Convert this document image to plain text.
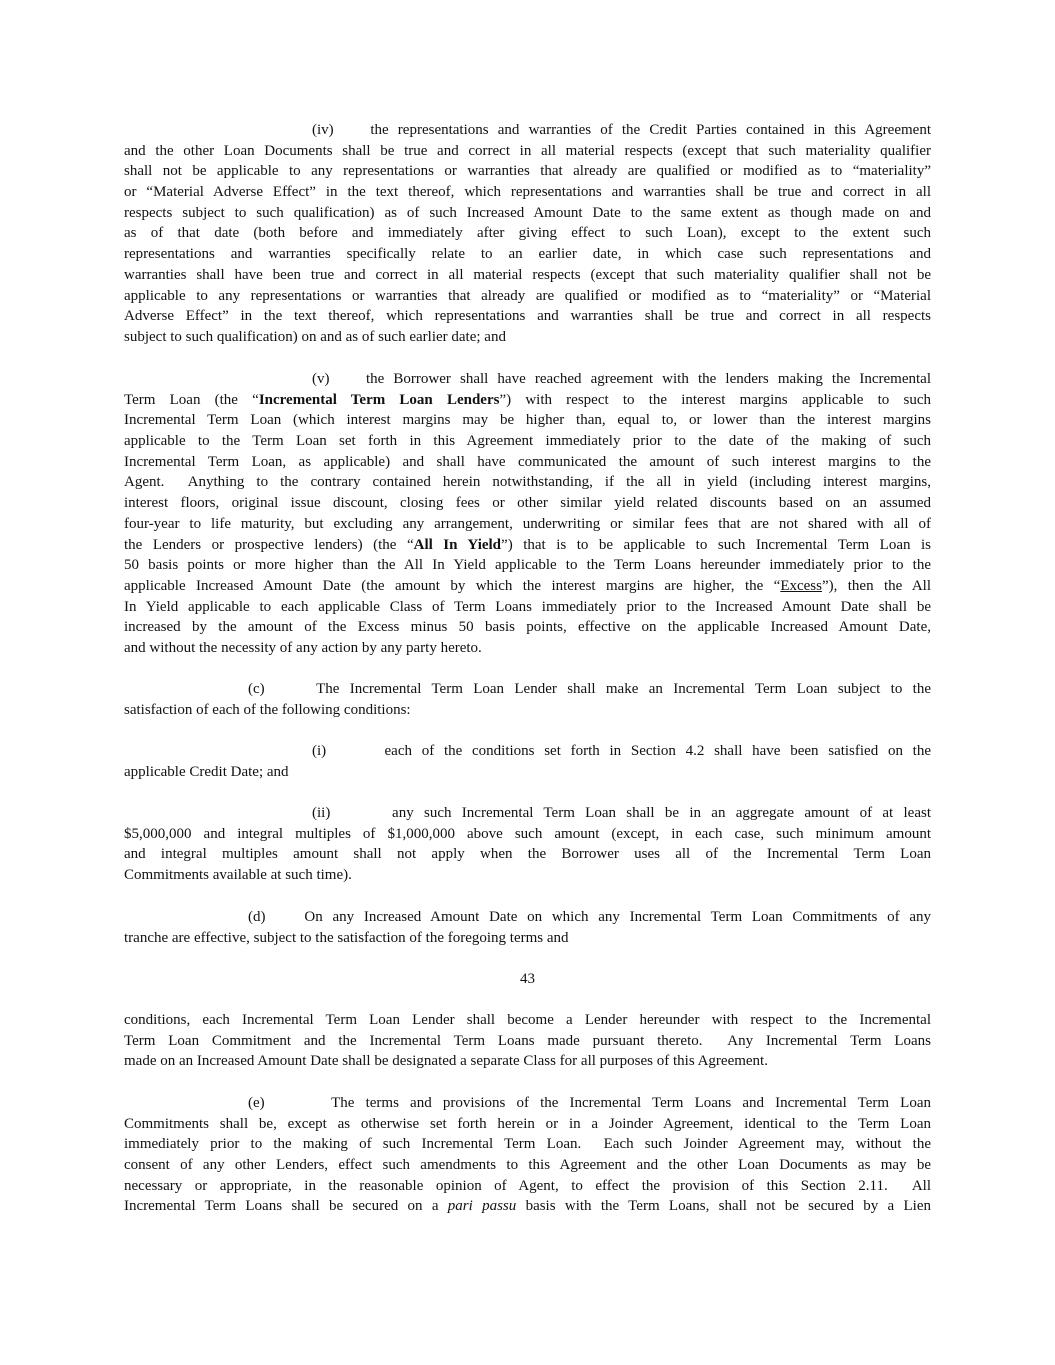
(iv)    the representations and warranties of the Credit Parties contained in this Agreement
and the other Loan Documents shall be true and correct in all material respects (except that such materiality qualifier
shall not be applicable to any representations or warranties that already are qualified or modified as to “materiality”
or “Material Adverse Effect” in the text thereof, which representations and warranties shall be true and correct in all
respects subject to such qualification) as of such Increased Amount Date to the same extent as though made on and
as of that date (both before and immediately after giving effect to such Loan), except to the extent such
representations and warranties specifically relate to an earlier date, in which case such representations and
warranties shall have been true and correct in all material respects (except that such materiality qualifier shall not be
applicable to any representations or warranties that already are qualified or modified as to “materiality” or “Material
Adverse Effect” in the text thereof, which representations and warranties shall be true and correct in all respects
subject to such qualification) on and as of such earlier date; and
(v)    the Borrower shall have reached agreement with the lenders making the Incremental
Term Loan (the “Incremental Term Loan Lenders”) with respect to the interest margins applicable to such
Incremental Term Loan (which interest margins may be higher than, equal to, or lower than the interest margins
applicable to the Term Loan set forth in this Agreement immediately prior to the date of the making of such
Incremental Term Loan, as applicable) and shall have communicated the amount of such interest margins to the
Agent.  Anything to the contrary contained herein notwithstanding, if the all in yield (including interest margins,
interest floors, original issue discount, closing fees or other similar yield related discounts based on an assumed
four-year to life maturity, but excluding any arrangement, underwriting or similar fees that are not shared with all of
the Lenders or prospective lenders) (the “All In Yield”) that is to be applicable to such Incremental Term Loan is
50 basis points or more higher than the All In Yield applicable to the Term Loans hereunder immediately prior to the
applicable Increased Amount Date (the amount by which the interest margins are higher, the “Excess”), then the All
In Yield applicable to each applicable Class of Term Loans immediately prior to the Increased Amount Date shall be
increased by the amount of the Excess minus 50 basis points, effective on the applicable Increased Amount Date,
and without the necessity of any action by any party hereto.
(c)     The Incremental Term Loan Lender shall make an Incremental Term Loan subject to the
satisfaction of each of the following conditions:
(i)      each of the conditions set forth in Section 4.2 shall have been satisfied on the
applicable Credit Date; and
(ii)      any such Incremental Term Loan shall be in an aggregate amount of at least
$5,000,000 and integral multiples of $1,000,000 above such amount (except, in each case, such minimum amount
and integral multiples amount shall not apply when the Borrower uses all of the Incremental Term Loan
Commitments available at such time).
(d)    On any Increased Amount Date on which any Incremental Term Loan Commitments of any
tranche are effective, subject to the satisfaction of the foregoing terms and
43
conditions, each Incremental Term Loan Lender shall become a Lender hereunder with respect to the Incremental
Term Loan Commitment and the Incremental Term Loans made pursuant thereto.  Any Incremental Term Loans
made on an Increased Amount Date shall be designated a separate Class for all purposes of this Agreement.
(e)      The terms and provisions of the Incremental Term Loans and Incremental Term Loan
Commitments shall be, except as otherwise set forth herein or in a Joinder Agreement, identical to the Term Loan
immediately prior to the making of such Incremental Term Loan.  Each such Joinder Agreement may, without the
consent of any other Lenders, effect such amendments to this Agreement and the other Loan Documents as may be
necessary or appropriate, in the reasonable opinion of Agent, to effect the provision of this Section 2.11.  All
Incremental Term Loans shall be secured on a pari passu basis with the Term Loans, shall not be secured by a Lien
